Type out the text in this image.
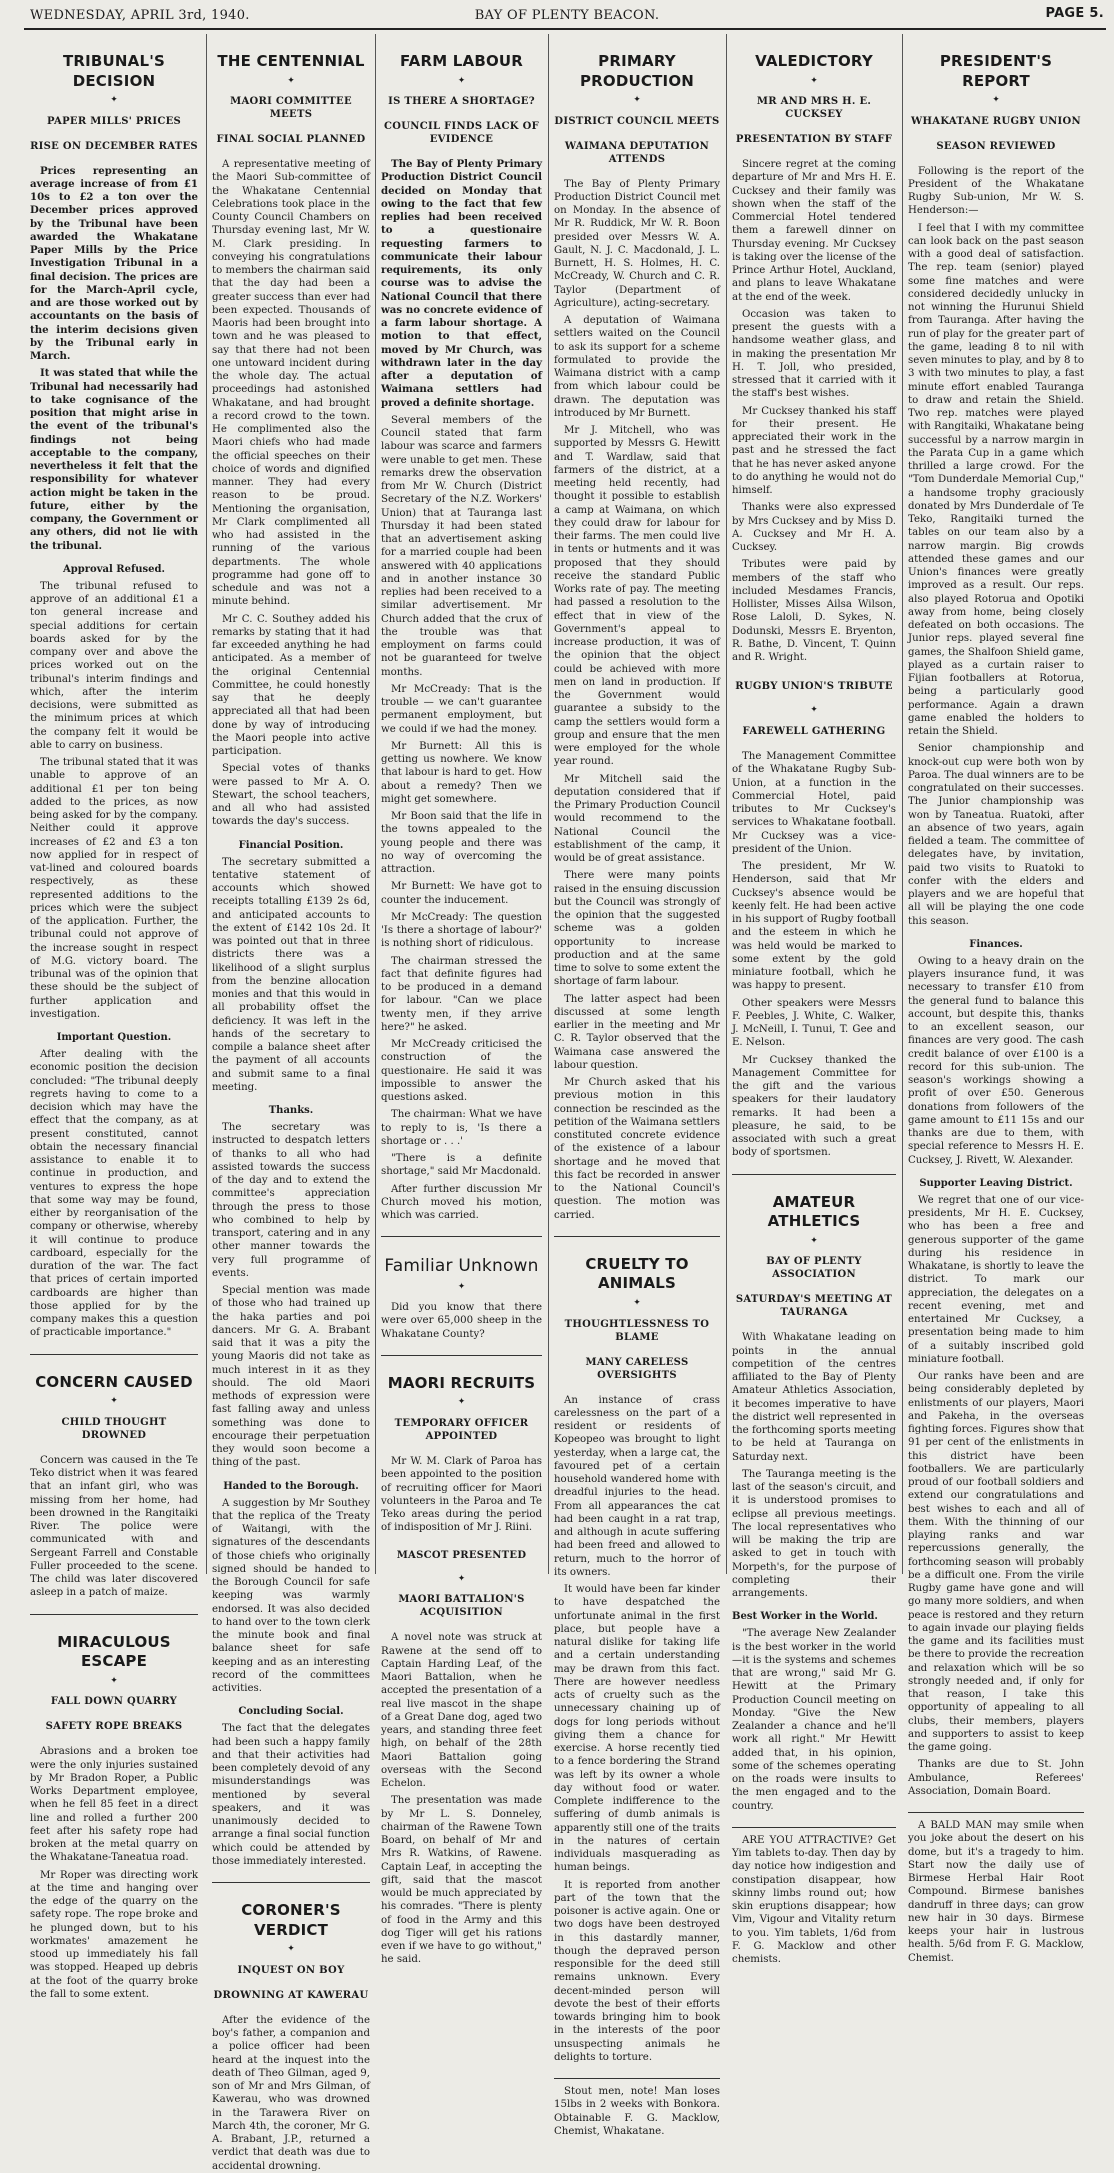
WEDNESDAY, APRIL 3rd, 1940.	BAY OF PLENTY BEACON.	PAGE 5.
TRIBUNAL'S DECISION
✦
PAPER MILLS' PRICES
RISE ON DECEMBER RATES

Prices representing an average increase of from £1 10s to £2 a ton over the December prices approved by the Tribunal have been awarded the Whakatane Paper Mills by the Price Investigation Tribunal in a final decision. The prices are for the March-April cycle, and are those worked out by accountants on the basis of the interim decisions given by the Tribunal early in March.

It was stated that while the Tribunal had necessarily had to take cognisance of the position that might arise in the event of the tribunal's findings not being acceptable to the company, nevertheless it felt that the responsibility for whatever action might be taken in the future, either by the company, the Government or any others, did not lie with the tribunal.

Approval Refused.

The tribunal refused to approve of an additional £1 a ton general increase and special additions for certain boards asked for by the company over and above the prices worked out on the tribunal's interim findings and which, after the interim decisions, were submitted as the minimum prices at which the company felt it would be able to carry on business.

The tribunal stated that it was unable to approve of an additional £1 per ton being added to the prices, as now being asked for by the company. Neither could it approve increases of £2 and £3 a ton now applied for in respect of vat-lined and coloured boards respectively, as these represented additions to the prices which were the subject of the application. Further, the tribunal could not approve of the increase sought in respect of M.G. victory board. The tribunal was of the opinion that these should be the subject of further application and investigation.

Important Question.

After dealing with the economic position the decision concluded: "The tribunal deeply regrets having to come to a decision which may have the effect that the company, as at present constituted, cannot obtain the necessary financial assistance to enable it to continue in production, and ventures to express the hope that some way may be found, either by reorganisation of the company or otherwise, whereby it will continue to produce cardboard, especially for the duration of the war. The fact that prices of certain imported cardboards are higher than those applied for by the company makes this a question of practicable importance."

CONCERN CAUSED
✦
CHILD THOUGHT DROWNED

Concern was caused in the Te Teko district when it was feared that an infant girl, who was missing from her home, had been drowned in the Rangitaiki River. The police were communicated with and Sergeant Farrell and Constable Fuller proceeded to the scene. The child was later discovered asleep in a patch of maize.

MIRACULOUS ESCAPE
✦
FALL DOWN QUARRY
SAFETY ROPE BREAKS

Abrasions and a broken toe were the only injuries sustained by Mr Bradon Roper, a Public Works Department employee, when he fell 85 feet in a direct line and rolled a further 200 feet after his safety rope had broken at the metal quarry on the Whakatane-Taneatua road.

Mr Roper was directing work at the time and hanging over the edge of the quarry on the safety rope. The rope broke and he plunged down, but to his workmates' amazement he stood up immediately his fall was stopped. Heaped up debris at the foot of the quarry broke the fall to some extent.

THE CENTENNIAL
✦
MAORI COMMITTEE MEETS
FINAL SOCIAL PLANNED

A representative meeting of the Maori Sub-committee of the Whakatane Centennial Celebrations took place in the County Council Chambers on Thursday evening last, Mr W. M. Clark presiding. In conveying his congratulations to members the chairman said that the day had been a greater success than ever had been expected. Thousands of Maoris had been brought into town and he was pleased to say that there had not been one untoward incident during the whole day. The actual proceedings had astonished Whakatane, and had brought a record crowd to the town. He complimented also the Maori chiefs who had made the official speeches on their choice of words and dignified manner. They had every reason to be proud. Mentioning the organisation, Mr Clark complimented all who had assisted in the running of the various departments. The whole programme had gone off to schedule and was not a minute behind.

Mr C. C. Southey added his remarks by stating that it had far exceeded anything he had anticipated. As a member of the original Centennial Committee, he could honestly say that he deeply appreciated all that had been done by way of introducing the Maori people into active participation.

Special votes of thanks were passed to Mr A. O. Stewart, the school teachers, and all who had assisted towards the day's success.

Financial Position.

The secretary submitted a tentative statement of accounts which showed receipts totalling £139 2s 6d, and anticipated accounts to the extent of £142 10s 2d. It was pointed out that in three districts there was a likelihood of a slight surplus from the benzine allocation monies and that this would in all probability offset the deficiency. It was left in the hands of the secretary to compile a balance sheet after the payment of all accounts and submit same to a final meeting.

Thanks.

The secretary was instructed to despatch letters of thanks to all who had assisted towards the success of the day and to extend the committee's appreciation through the press to those who combined to help by transport, catering and in any other manner towards the very full programme of events.

Special mention was made of those who had trained up the haka parties and poi dancers. Mr G. A. Brabant said that it was a pity the young Maoris did not take as much interest in it as they should. The old Maori methods of expression were fast falling away and unless something was done to encourage their perpetuation they would soon become a thing of the past.

Handed to the Borough.

A suggestion by Mr Southey that the replica of the Treaty of Waitangi, with the signatures of the descendants of those chiefs who originally signed should be handed to the Borough Council for safe keeping was warmly endorsed. It was also decided to hand over to the town clerk the minute book and final balance sheet for safe keeping and as an interesting record of the committees activities.

Concluding Social.

The fact that the delegates had been such a happy family and that their activities had been completely devoid of any misunderstandings was mentioned by several speakers, and it was unanimously decided to arrange a final social function which could be attended by those immediately interested.

CORONER'S VERDICT
✦
INQUEST ON BOY
DROWNING AT KAWERAU

After the evidence of the boy's father, a companion and a police officer had been heard at the inquest into the death of Theo Gilman, aged 9, son of Mr and Mrs Gilman, of Kawerau, who was drowned in the Tarawera River on March 4th, the coroner, Mr G. A. Brabant, J.P., returned a verdict that death was due to accidental drowning.

FARM LABOUR
✦
IS THERE A SHORTAGE?
COUNCIL FINDS LACK OF EVIDENCE

The Bay of Plenty Primary Production District Council decided on Monday that owing to the fact that few replies had been received to a questionaire requesting farmers to communicate their labour requirements, its only course was to advise the National Council that there was no concrete evidence of a farm labour shortage. A motion to that effect, moved by Mr Church, was withdrawn later in the day after a deputation of Waimana settlers had proved a definite shortage.

Several members of the Council stated that farm labour was scarce and farmers were unable to get men. These remarks drew the observation from Mr W. Church (District Secretary of the N.Z. Workers' Union) that at Tauranga last Thursday it had been stated that an advertisement asking for a married couple had been answered with 40 applications and in another instance 30 replies had been received to a similar advertisement. Mr Church added that the crux of the trouble was that employment on farms could not be guaranteed for twelve months.

Mr McCready: That is the trouble — we can't guarantee permanent employment, but we could if we had the money.

Mr Burnett: All this is getting us nowhere. We know that labour is hard to get. How about a remedy? Then we might get somewhere.

Mr Boon said that the life in the towns appealed to the young people and there was no way of overcoming the attraction.

Mr Burnett: We have got to counter the inducement.

Mr McCready: The question 'Is there a shortage of labour?' is nothing short of ridiculous.

The chairman stressed the fact that definite figures had to be produced in a demand for labour. "Can we place twenty men, if they arrive here?" he asked.

Mr McCready criticised the construction of the questionaire. He said it was impossible to answer the questions asked.

The chairman: What we have to reply to is, 'Is there a shortage or . . .'

"There is a definite shortage," said Mr Macdonald.

After further discussion Mr Church moved his motion, which was carried.

Familiar Unknown
✦

Did you know that there were over 65,000 sheep in the Whakatane County?

MAORI RECRUITS
✦
TEMPORARY OFFICER APPOINTED

Mr W. M. Clark of Paroa has been appointed to the position of recruiting officer for Maori volunteers in the Paroa and Te Teko areas during the period of indisposition of Mr J. Riini.

MASCOT PRESENTED
✦
MAORI BATTALION'S ACQUISITION

A novel note was struck at Rawene at the send off to Captain Harding Leaf, of the Maori Battalion, when he accepted the presentation of a real live mascot in the shape of a Great Dane dog, aged two years, and standing three feet high, on behalf of the 28th Maori Battalion going overseas with the Second Echelon.

The presentation was made by Mr L. S. Donneley, chairman of the Rawene Town Board, on behalf of Mr and Mrs R. Watkins, of Rawene. Captain Leaf, in accepting the gift, said that the mascot would be much appreciated by his comrades. "There is plenty of food in the Army and this dog Tiger will get his rations even if we have to go without," he said.

PRIMARY PRODUCTION
✦
DISTRICT COUNCIL MEETS
WAIMANA DEPUTATION ATTENDS

The Bay of Plenty Primary Production District Council met on Monday. In the absence of Mr R. Ruddick, Mr W. R. Boon presided over Messrs W. A. Gault, N. J. C. Macdonald, J. L. Burnett, H. S. Holmes, H. C. McCready, W. Church and C. R. Taylor (Department of Agriculture), acting-secretary.

A deputation of Waimana settlers waited on the Council to ask its support for a scheme formulated to provide the Waimana district with a camp from which labour could be drawn. The deputation was introduced by Mr Burnett.

Mr J. Mitchell, who was supported by Messrs G. Hewitt and T. Wardlaw, said that farmers of the district, at a meeting held recently, had thought it possible to establish a camp at Waimana, on which they could draw for labour for their farms. The men could live in tents or hutments and it was proposed that they should receive the standard Public Works rate of pay. The meeting had passed a resolution to the effect that in view of the Government's appeal to increase production, it was of the opinion that the object could be achieved with more men on land in production. If the Government would guarantee a subsidy to the camp the settlers would form a group and ensure that the men were employed for the whole year round.

Mr Mitchell said the deputation considered that if the Primary Production Council would recommend to the National Council the establishment of the camp, it would be of great assistance.

There were many points raised in the ensuing discussion but the Council was strongly of the opinion that the suggested scheme was a golden opportunity to increase production and at the same time to solve to some extent the shortage of farm labour.

The latter aspect had been discussed at some length earlier in the meeting and Mr C. R. Taylor observed that the Waimana case answered the labour question.

Mr Church asked that his previous motion in this connection be rescinded as the petition of the Waimana settlers constituted concrete evidence of the existence of a labour shortage and he moved that this fact be recorded in answer to the National Council's question. The motion was carried.

CRUELTY TO ANIMALS
✦
THOUGHTLESSNESS TO BLAME
MANY CARELESS OVERSIGHTS

An instance of crass carelessness on the part of a resident or residents of Kopeopeo was brought to light yesterday, when a large cat, the favoured pet of a certain household wandered home with dreadful injuries to the head. From all appearances the cat had been caught in a rat trap, and although in acute suffering had been freed and allowed to return, much to the horror of its owners.

It would have been far kinder to have despatched the unfortunate animal in the first place, but people have a natural dislike for taking life and a certain understanding may be drawn from this fact. There are however needless acts of cruelty such as the unnecessary chaining up of dogs for long periods without giving them a chance for exercise. A horse recently tied to a fence bordering the Strand was left by its owner a whole day without food or water. Complete indifference to the suffering of dumb animals is apparently still one of the traits in the natures of certain individuals masquerading as human beings.

It is reported from another part of the town that the poisoner is active again. One or two dogs have been destroyed in this dastardly manner, though the depraved person responsible for the deed still remains unknown. Every decent-minded person will devote the best of their efforts towards bringing him to book in the interests of the poor unsuspecting animals he delights to torture.

Stout men, note! Man loses 15lbs in 2 weeks with Bonkora. Obtainable F. G. Macklow, Chemist, Whakatane.

VALEDICTORY
✦
MR AND MRS H. E. CUCKSEY
PRESENTATION BY STAFF

Sincere regret at the coming departure of Mr and Mrs H. E. Cucksey and their family was shown when the staff of the Commercial Hotel tendered them a farewell dinner on Thursday evening. Mr Cucksey is taking over the license of the Prince Arthur Hotel, Auckland, and plans to leave Whakatane at the end of the week.

Occasion was taken to present the guests with a handsome weather glass, and in making the presentation Mr H. T. Joll, who presided, stressed that it carried with it the staff's best wishes.

Mr Cucksey thanked his staff for their present. He appreciated their work in the past and he stressed the fact that he has never asked anyone to do anything he would not do himself.

Thanks were also expressed by Mrs Cucksey and by Miss D. A. Cucksey and Mr H. A. Cucksey.

Tributes were paid by members of the staff who included Mesdames Francis, Hollister, Misses Ailsa Wilson, Rose Laloli, D. Sykes, N. Dodunski, Messrs E. Bryenton, R. Bathe, D. Vincent, T. Quinn and R. Wright.

RUGBY UNION'S TRIBUTE
✦
FAREWELL GATHERING

The Management Committee of the Whakatane Rugby Sub-Union, at a function in the Commercial Hotel, paid tributes to Mr Cucksey's services to Whakatane football. Mr Cucksey was a vice-president of the Union.

The president, Mr W. Henderson, said that Mr Cucksey's absence would be keenly felt. He had been active in his support of Rugby football and the esteem in which he was held would be marked to some extent by the gold miniature football, which he was happy to present.

Other speakers were Messrs F. Peebles, J. White, C. Walker, J. McNeill, I. Tunui, T. Gee and E. Nelson.

Mr Cucksey thanked the Management Committee for the gift and the various speakers for their laudatory remarks. It had been a pleasure, he said, to be associated with such a great body of sportsmen.

AMATEUR ATHLETICS
✦
BAY OF PLENTY ASSOCIATION
SATURDAY'S MEETING AT TAURANGA

With Whakatane leading on points in the annual competition of the centres affiliated to the Bay of Plenty Amateur Athletics Association, it becomes imperative to have the district well represented in the forthcoming sports meeting to be held at Tauranga on Saturday next.

The Tauranga meeting is the last of the season's circuit, and it is understood promises to eclipse all previous meetings. The local representatives who will be making the trip are asked to get in touch with Morpeth's, for the purpose of completing their arrangements.

Best Worker in the World.

"The average New Zealander is the best worker in the world—it is the systems and schemes that are wrong," said Mr G. Hewitt at the Primary Production Council meeting on Monday. "Give the New Zealander a chance and he'll work all right." Mr Hewitt added that, in his opinion, some of the schemes operating on the roads were insults to the men engaged and to the country.

ARE YOU ATTRACTIVE? Get Yim tablets to-day. Then day by day notice how indigestion and constipation disappear, how skinny limbs round out; how skin eruptions disappear; how Vim, Vigour and Vitality return to you. Yim tablets, 1/6d from F. G. Macklow and other chemists.

PRESIDENT'S REPORT
✦
WHAKATANE RUGBY UNION
SEASON REVIEWED

Following is the report of the President of the Whakatane Rugby Sub-union, Mr W. S. Henderson:—

I feel that I with my committee can look back on the past season with a good deal of satisfaction. The rep. team (senior) played some fine matches and were considered decidedly unlucky in not winning the Hurunui Shield from Tauranga. After having the run of play for the greater part of the game, leading 8 to nil with seven minutes to play, and by 8 to 3 with two minutes to play, a fast minute effort enabled Tauranga to draw and retain the Shield. Two rep. matches were played with Rangitaiki, Whakatane being successful by a narrow margin in the Parata Cup in a game which thrilled a large crowd. For the "Tom Dunderdale Memorial Cup," a handsome trophy graciously donated by Mrs Dunderdale of Te Teko, Rangitaiki turned the tables on our team also by a narrow margin. Big crowds attended these games and our Union's finances were greatly improved as a result. Our reps. also played Rotorua and Opotiki away from home, being closely defeated on both occasions. The Junior reps. played several fine games, the Shalfoon Shield game, played as a curtain raiser to Fijian footballers at Rotorua, being a particularly good performance. Again a drawn game enabled the holders to retain the Shield.

Senior championship and knock-out cup were both won by Paroa. The dual winners are to be congratulated on their successes. The Junior championship was won by Taneatua. Ruatoki, after an absence of two years, again fielded a team. The committee of delegates have, by invitation, paid two visits to Ruatoki to confer with the elders and players and we are hopeful that all will be playing the one code this season.

Finances.

Owing to a heavy drain on the players insurance fund, it was necessary to transfer £10 from the general fund to balance this account, but despite this, thanks to an excellent season, our finances are very good. The cash credit balance of over £100 is a record for this sub-union. The season's workings showing a profit of over £50. Generous donations from followers of the game amount to £11 15s and our thanks are due to them, with special reference to Messrs H. E. Cucksey, J. Rivett, W. Alexander.

Supporter Leaving District.

We regret that one of our vice-presidents, Mr H. E. Cucksey, who has been a free and generous supporter of the game during his residence in Whakatane, is shortly to leave the district. To mark our appreciation, the delegates on a recent evening, met and entertained Mr Cucksey, a presentation being made to him of a suitably inscribed gold miniature football.

Our ranks have been and are being considerably depleted by enlistments of our players, Maori and Pakeha, in the overseas fighting forces. Figures show that 91 per cent of the enlistments in this district have been footballers. We are particularly proud of our football soldiers and extend our congratulations and best wishes to each and all of them. With the thinning of our playing ranks and war repercussions generally, the forthcoming season will probably be a difficult one. From the virile Rugby game have gone and will go many more soldiers, and when peace is restored and they return to again invade our playing fields the game and its facilities must be there to provide the recreation and relaxation which will be so strongly needed and, if only for that reason, I take this opportunity of appealing to all clubs, their members, players and supporters to assist to keep the game going.

Thanks are due to St. John Ambulance, Referees' Association, Domain Board.

A BALD MAN may smile when you joke about the desert on his dome, but it's a tragedy to him. Start now the daily use of Birmese Herbal Hair Root Compound. Birmese banishes dandruff in three days; can grow new hair in 30 days. Birmese keeps your hair in lustrous health. 5/6d from F. G. Macklow, Chemist.
